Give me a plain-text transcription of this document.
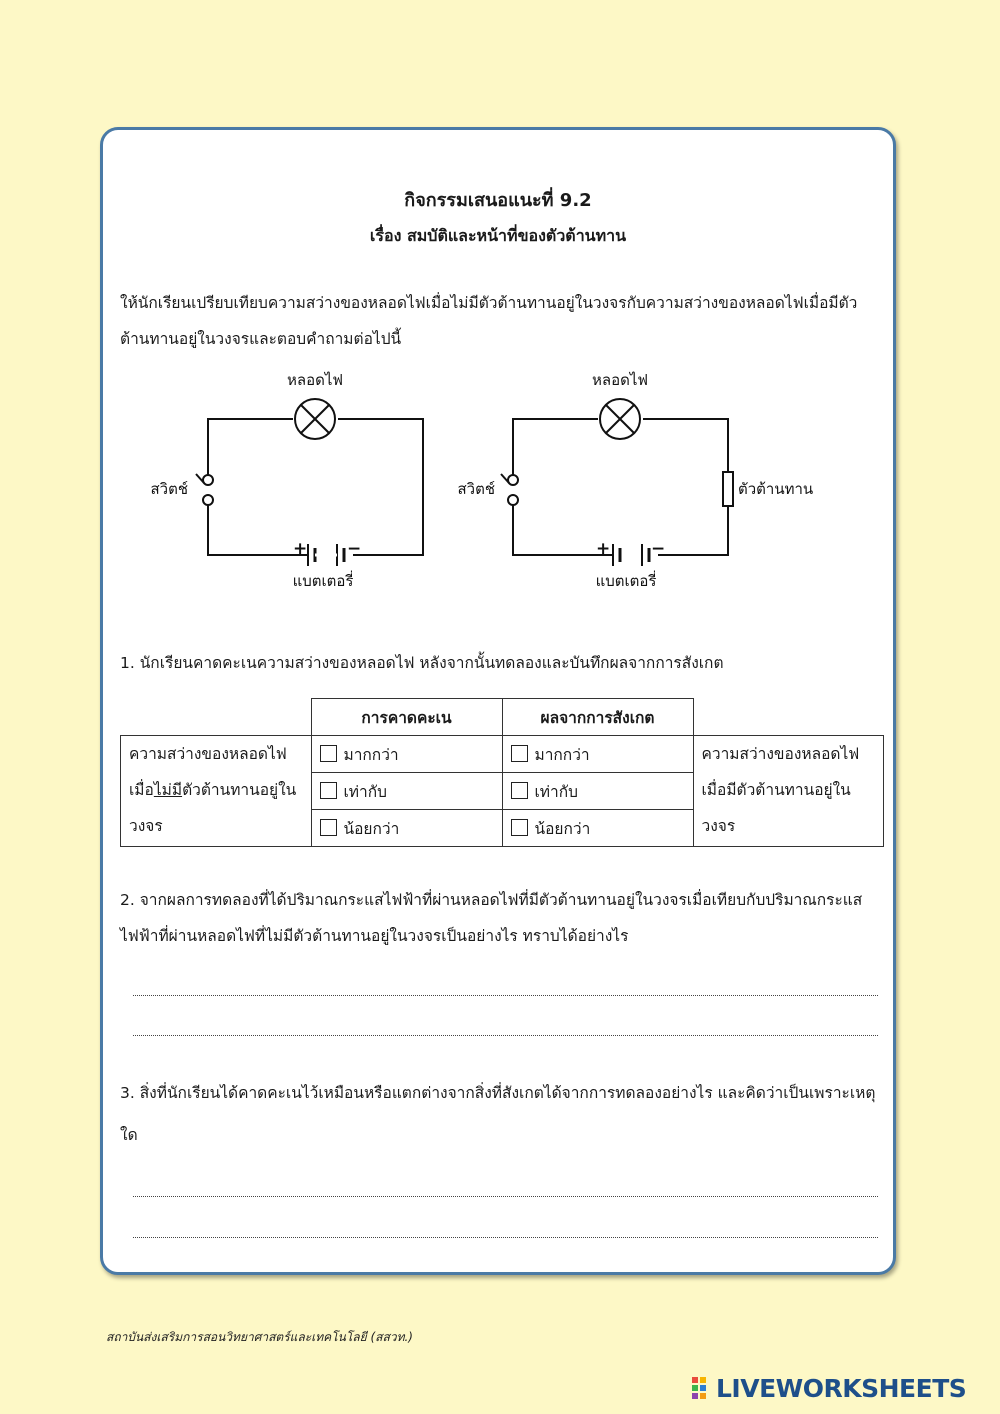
กิจกรรมเสนอแนะที่ 9.2
เรื่อง สมบัติและหน้าที่ของตัวต้านทาน
ให้นักเรียนเปรียบเทียบความสว่างของหลอดไฟเมื่อไม่มีตัวต้านทานอยู่ในวงจรกับความสว่างของหลอดไฟเมื่อมีตัวต้านทานอยู่ในวงจรและตอบคำถามต่อไปนี้
หลอดไฟ
สวิตช์
แบตเตอรี่
+ −
หลอดไฟ
สวิตช์	ตัวต้านทาน
แบตเตอรี่
+ −
1. นักเรียนคาดคะเนความสว่างของหลอดไฟ หลังจากนั้นทดลองและบันทึกผลจากการสังเกต
	การคาดคะเน	ผลจากการสังเกต	
ความสว่างของหลอดไฟ เมื่อไม่มีตัวต้านทานอยู่ในวงจร	มากกว่า	มากกว่า	ความสว่างของหลอดไฟ เมื่อมีตัวต้านทานอยู่ในวงจร
	เท่ากับ	เท่ากับ	
	น้อยกว่า	น้อยกว่า	
2. จากผลการทดลองที่ได้ปริมาณกระแสไฟฟ้าที่ผ่านหลอดไฟที่มีตัวต้านทานอยู่ในวงจรเมื่อเทียบกับปริมาณกระแสไฟฟ้าที่ผ่านหลอดไฟที่ไม่มีตัวต้านทานอยู่ในวงจรเป็นอย่างไร ทราบได้อย่างไร
3. สิ่งที่นักเรียนได้คาดคะเนไว้เหมือนหรือแตกต่างจากสิ่งที่สังเกตได้จากการทดลองอย่างไร และคิดว่าเป็นเพราะเหตุใด
สถาบันส่งเสริมการสอนวิทยาศาสตร์และเทคโนโลยี (สสวท.)
LIVEWORKSHEETS
